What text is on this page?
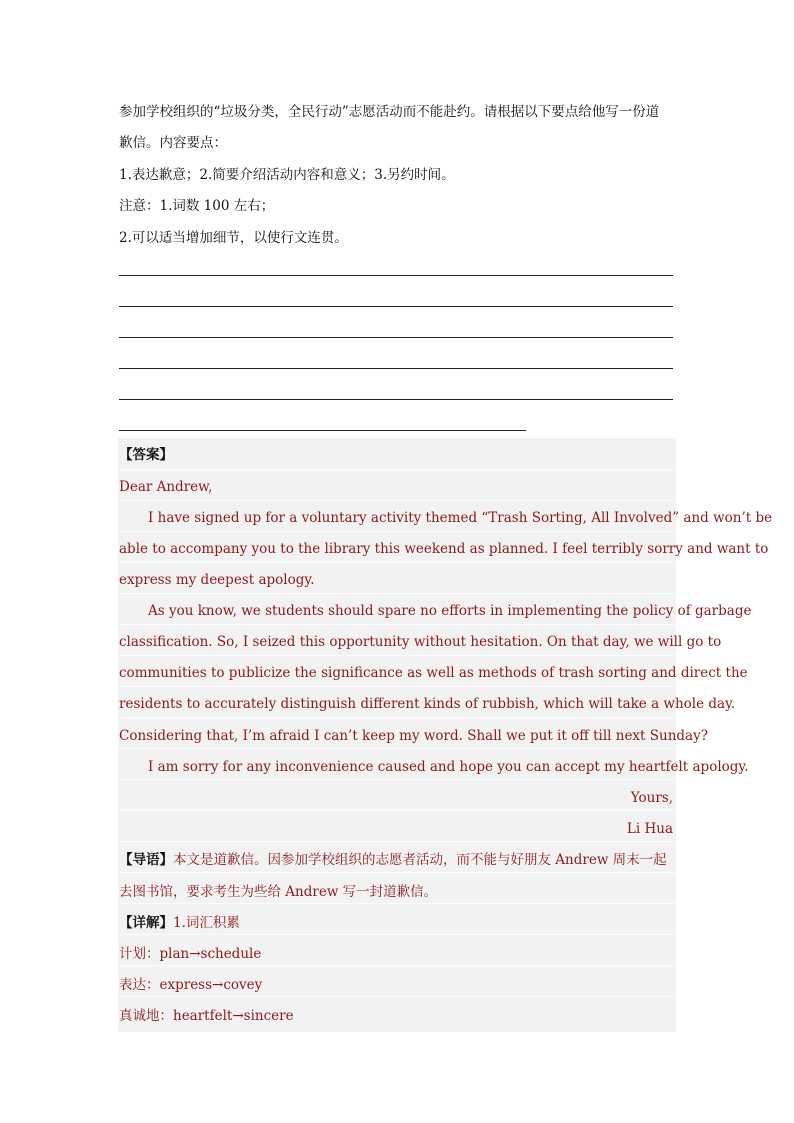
参加学校组织的“垃圾分类，全民行动”志愿活动而不能赴约。请根据以下要点给他写一份道
歉信。内容要点：
1.表达歉意；2.简要介绍活动内容和意义；3.另约时间。
注意：1.词数 100 左右；
2.可以适当增加细节，以使行文连贯。
【答案】
Dear Andrew,
I have signed up for a voluntary activity themed “Trash Sorting, All Involved” and won’t be
able to accompany you to the library this weekend as planned. I feel terribly sorry and want to
express my deepest apology.
As you know, we students should spare no efforts in implementing the policy of garbage
classification. So, I seized this opportunity without hesitation. On that day, we will go to
communities to publicize the significance as well as methods of trash sorting and direct the
residents to accurately distinguish different kinds of rubbish, which will take a whole day.
Considering that, I’m afraid I can’t keep my word. Shall we put it off till next Sunday?
I am sorry for any inconvenience caused and hope you can accept my heartfelt apology.
Yours,
Li Hua
【导语】本文是道歉信。因参加学校组织的志愿者活动，而不能与好朋友 Andrew 周末一起
去图书馆，要求考生为些给 Andrew 写一封道歉信。
【详解】1.词汇积累
计划：plan→schedule
表达：express→covey
真诚地：heartfelt→sincere
